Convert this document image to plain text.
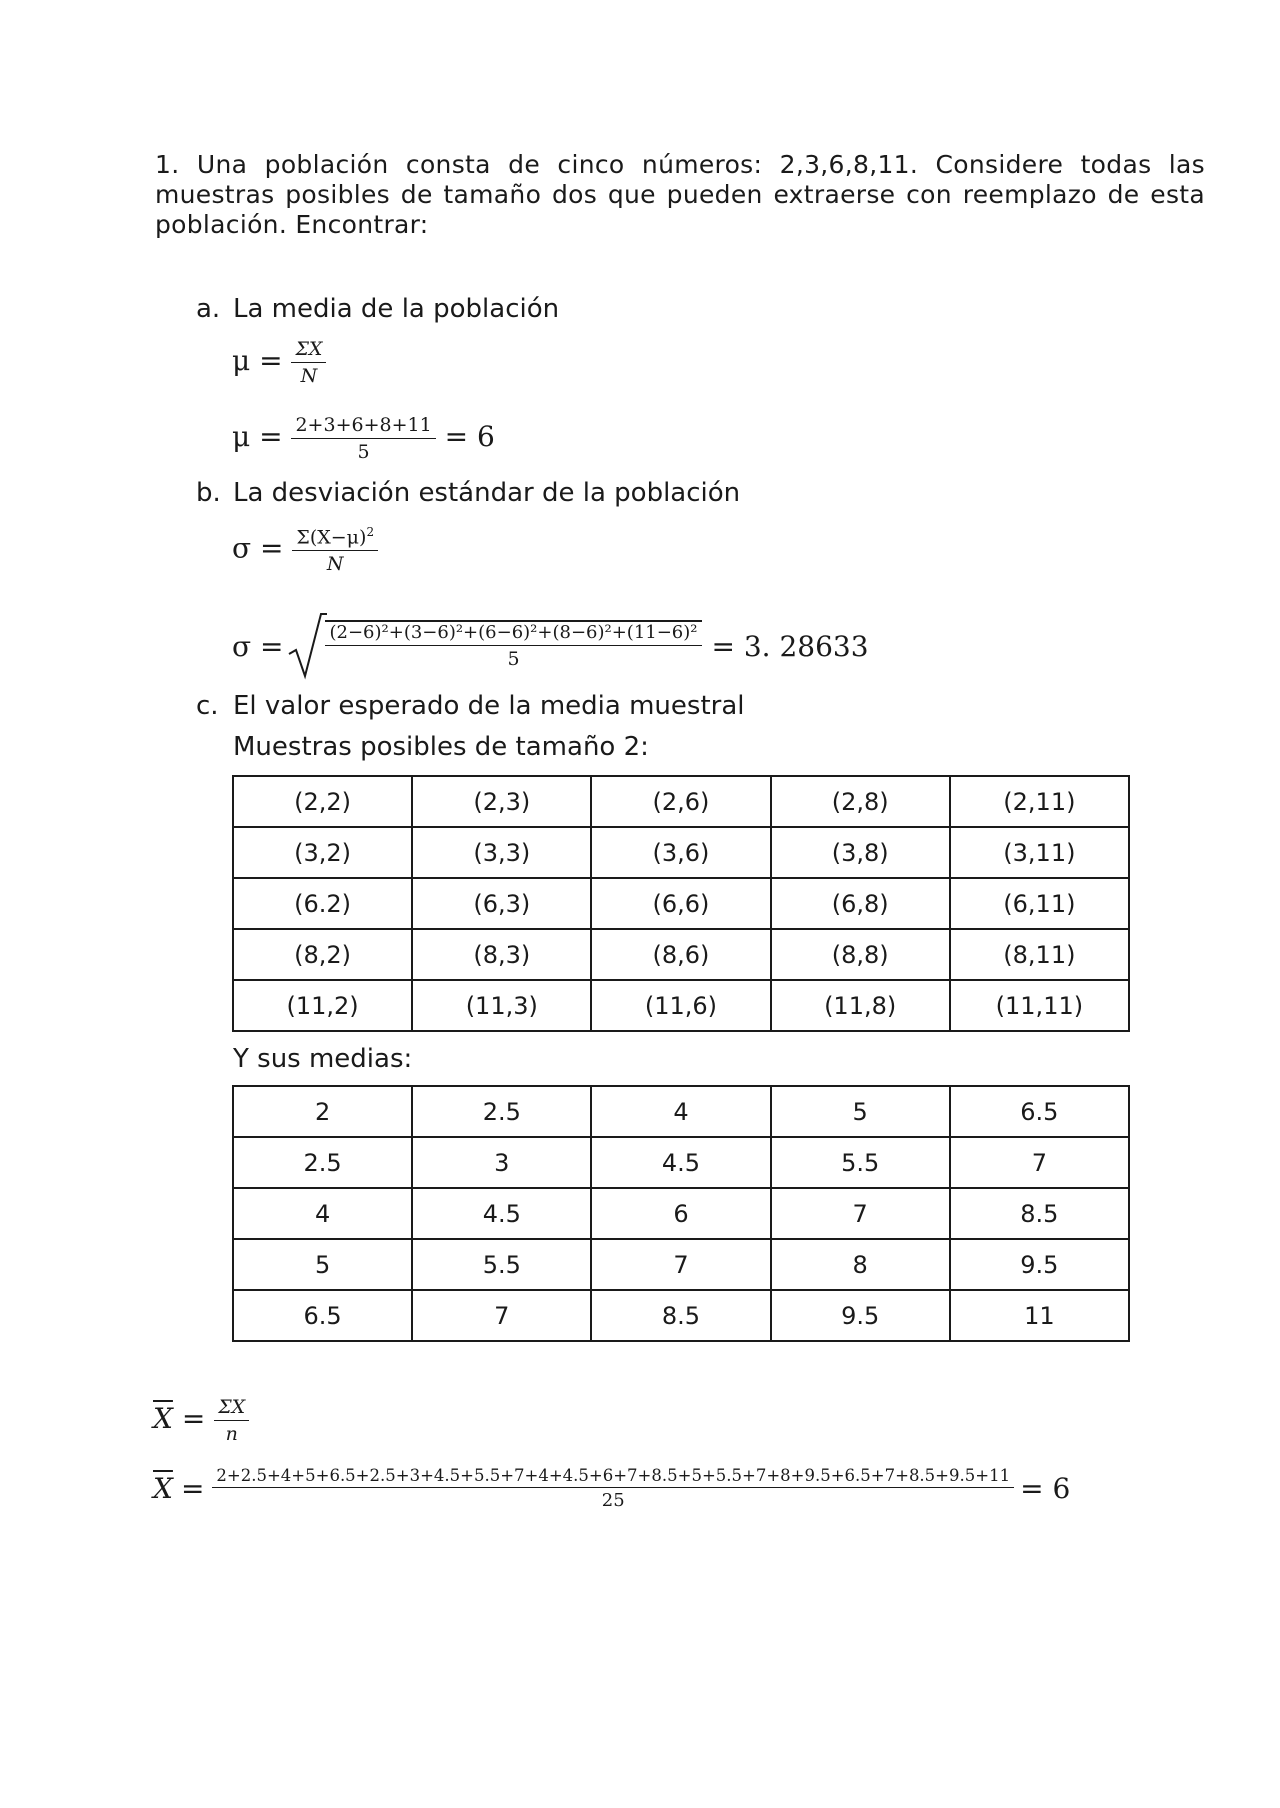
1. Una población consta de cinco números: 2,3,6,8,11. Considere todas las muestras posibles de tamaño dos que pueden extraerse con reemplazo de esta población. Encontrar:
a. La media de la población
$\mu = \frac{\Sigma X}{N}$
$\mu = \frac{2+3+6+8+11}{5} = 6$
b. La desviación estándar de la población
$\sigma = \frac{\Sigma(X-\mu)^2}{N}$
$\sigma = \frac{\text{(2−6)²+(3−6)²+(6−6)²+(8−6)²+(11−6)²}}{5} = 3$. 28633
c. El valor esperado de la media muestral
Muestras posibles de tamaño 2:
(2,2)	(2,3)	(2,6)	(2,8)	(2,11)
(3,2)	(3,3)	(3,6)	(3,8)	(3,11)
(6.2)	(6,3)	(6,6)	(6,8)	(6,11)
(8,2)	(8,3)	(8,6)	(8,8)	(8,11)
(11,2)	(11,3)	(11,6)	(11,8)	(11,11)
Y sus medias:
2	2.5	4	5	6.5
2.5	3	4.5	5.5	7
4	4.5	6	7	8.5
5	5.5	7	8	9.5
6.5	7	8.5	9.5	11
$\overline{X} = \frac{\Sigma X}{n}$
$\overline{X} = 2+2.5+4+5+6.5+2.5+3+4.5+5.5+7+4+4.5+6+7+8.5+5+5.5+7+8+9.5+6.5+7+8.5+9.5+11$
25	= 6
